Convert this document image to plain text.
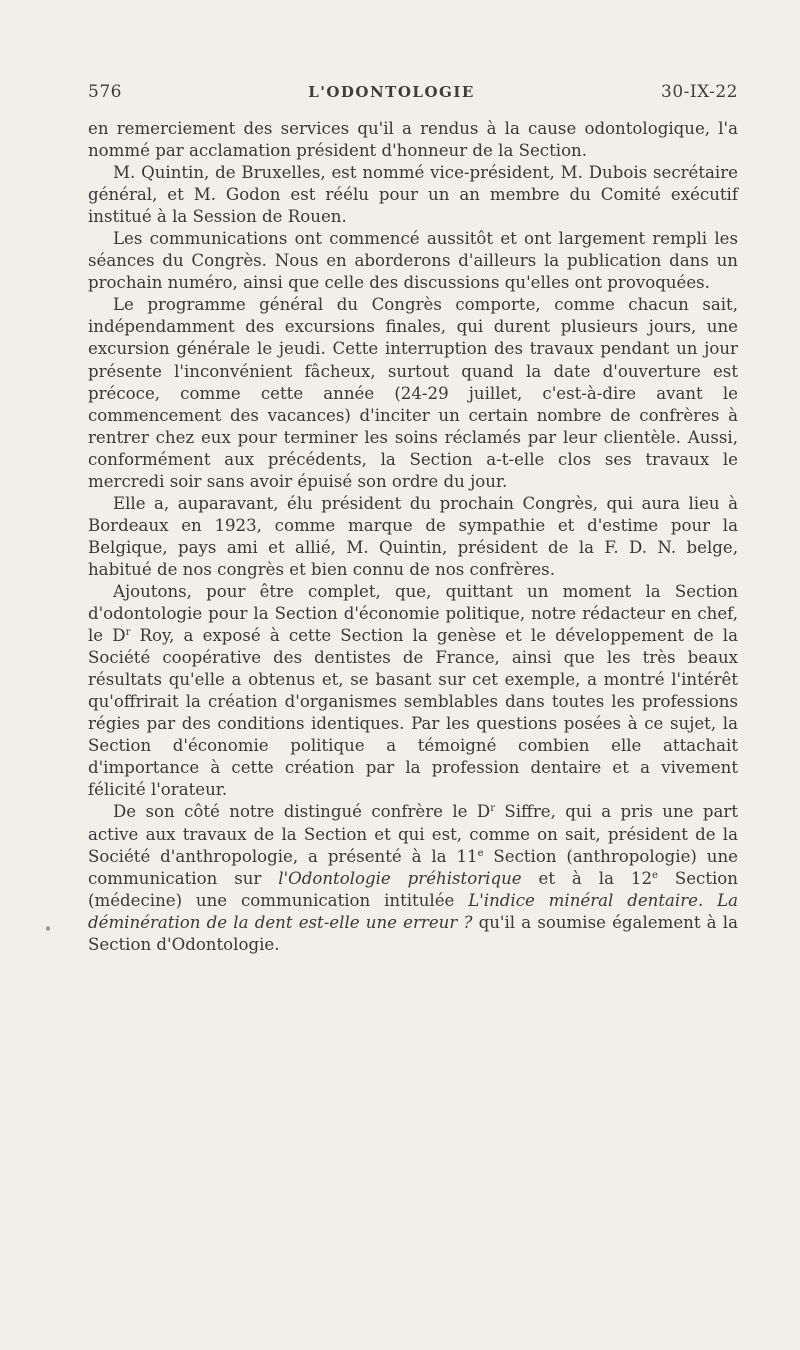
576	L'ODONTOLOGIE	30-IX-22

en remerciement des services qu'il a rendus à la cause odontologique, l'a nommé par acclamation président d'honneur de la Section.

M. Quintin, de Bruxelles, est nommé vice-président, M. Dubois secrétaire général, et M. Godon est réélu pour un an membre du Comité exécutif institué à la Session de Rouen.

Les communications ont commencé aussitôt et ont largement rempli les séances du Congrès. Nous en aborderons d'ailleurs la publication dans un prochain numéro, ainsi que celle des discussions qu'elles ont provoquées.

Le programme général du Congrès comporte, comme chacun sait, indépendamment des excursions finales, qui durent plusieurs jours, une excursion générale le jeudi. Cette interruption des travaux pendant un jour présente l'inconvénient fâcheux, surtout quand la date d'ouverture est précoce, comme cette année (24-29 juillet, c'est-à-dire avant le commencement des vacances) d'inciter un certain nombre de confrères à rentrer chez eux pour terminer les soins réclamés par leur clientèle. Aussi, conformément aux précédents, la Section a-t-elle clos ses travaux le mercredi soir sans avoir épuisé son ordre du jour.

Elle a, auparavant, élu président du prochain Congrès, qui aura lieu à Bordeaux en 1923, comme marque de sympathie et d'estime pour la Belgique, pays ami et allié, M. Quintin, président de la F. D. N. belge, habitué de nos congrès et bien connu de nos confrères.

Ajoutons, pour être complet, que, quittant un moment la Section d'odontologie pour la Section d'économie politique, notre rédacteur en chef, le $D^r$ Roy, a exposé à cette Section la genèse et le développement de la Société coopérative des dentistes de France, ainsi que les très beaux résultats qu'elle a obtenus et, se basant sur cet exemple, a montré l'intérêt qu'offrirait la création d'organismes semblables dans toutes les professions régies par des conditions identiques. Par les questions posées à ce sujet, la Section d'économie politique a témoigné combien elle attachait d'importance à cette création par la profession dentaire et a vivement félicité l'orateur.

De son côté notre distingué confrère le $D^r$ Siffre, qui a pris une part active aux travaux de la Section et qui est, comme on sait, président de la Société d'anthropologie, a présenté à la 11e Section (anthropologie) une communication sur l'Odontologie préhistorique et à la 12e Section (médecine) une communication intitulée L'indice minéral dentaire. La déminération de la dent est-elle une erreur ? qu'il a soumise également à la Section d'Odontologie.
